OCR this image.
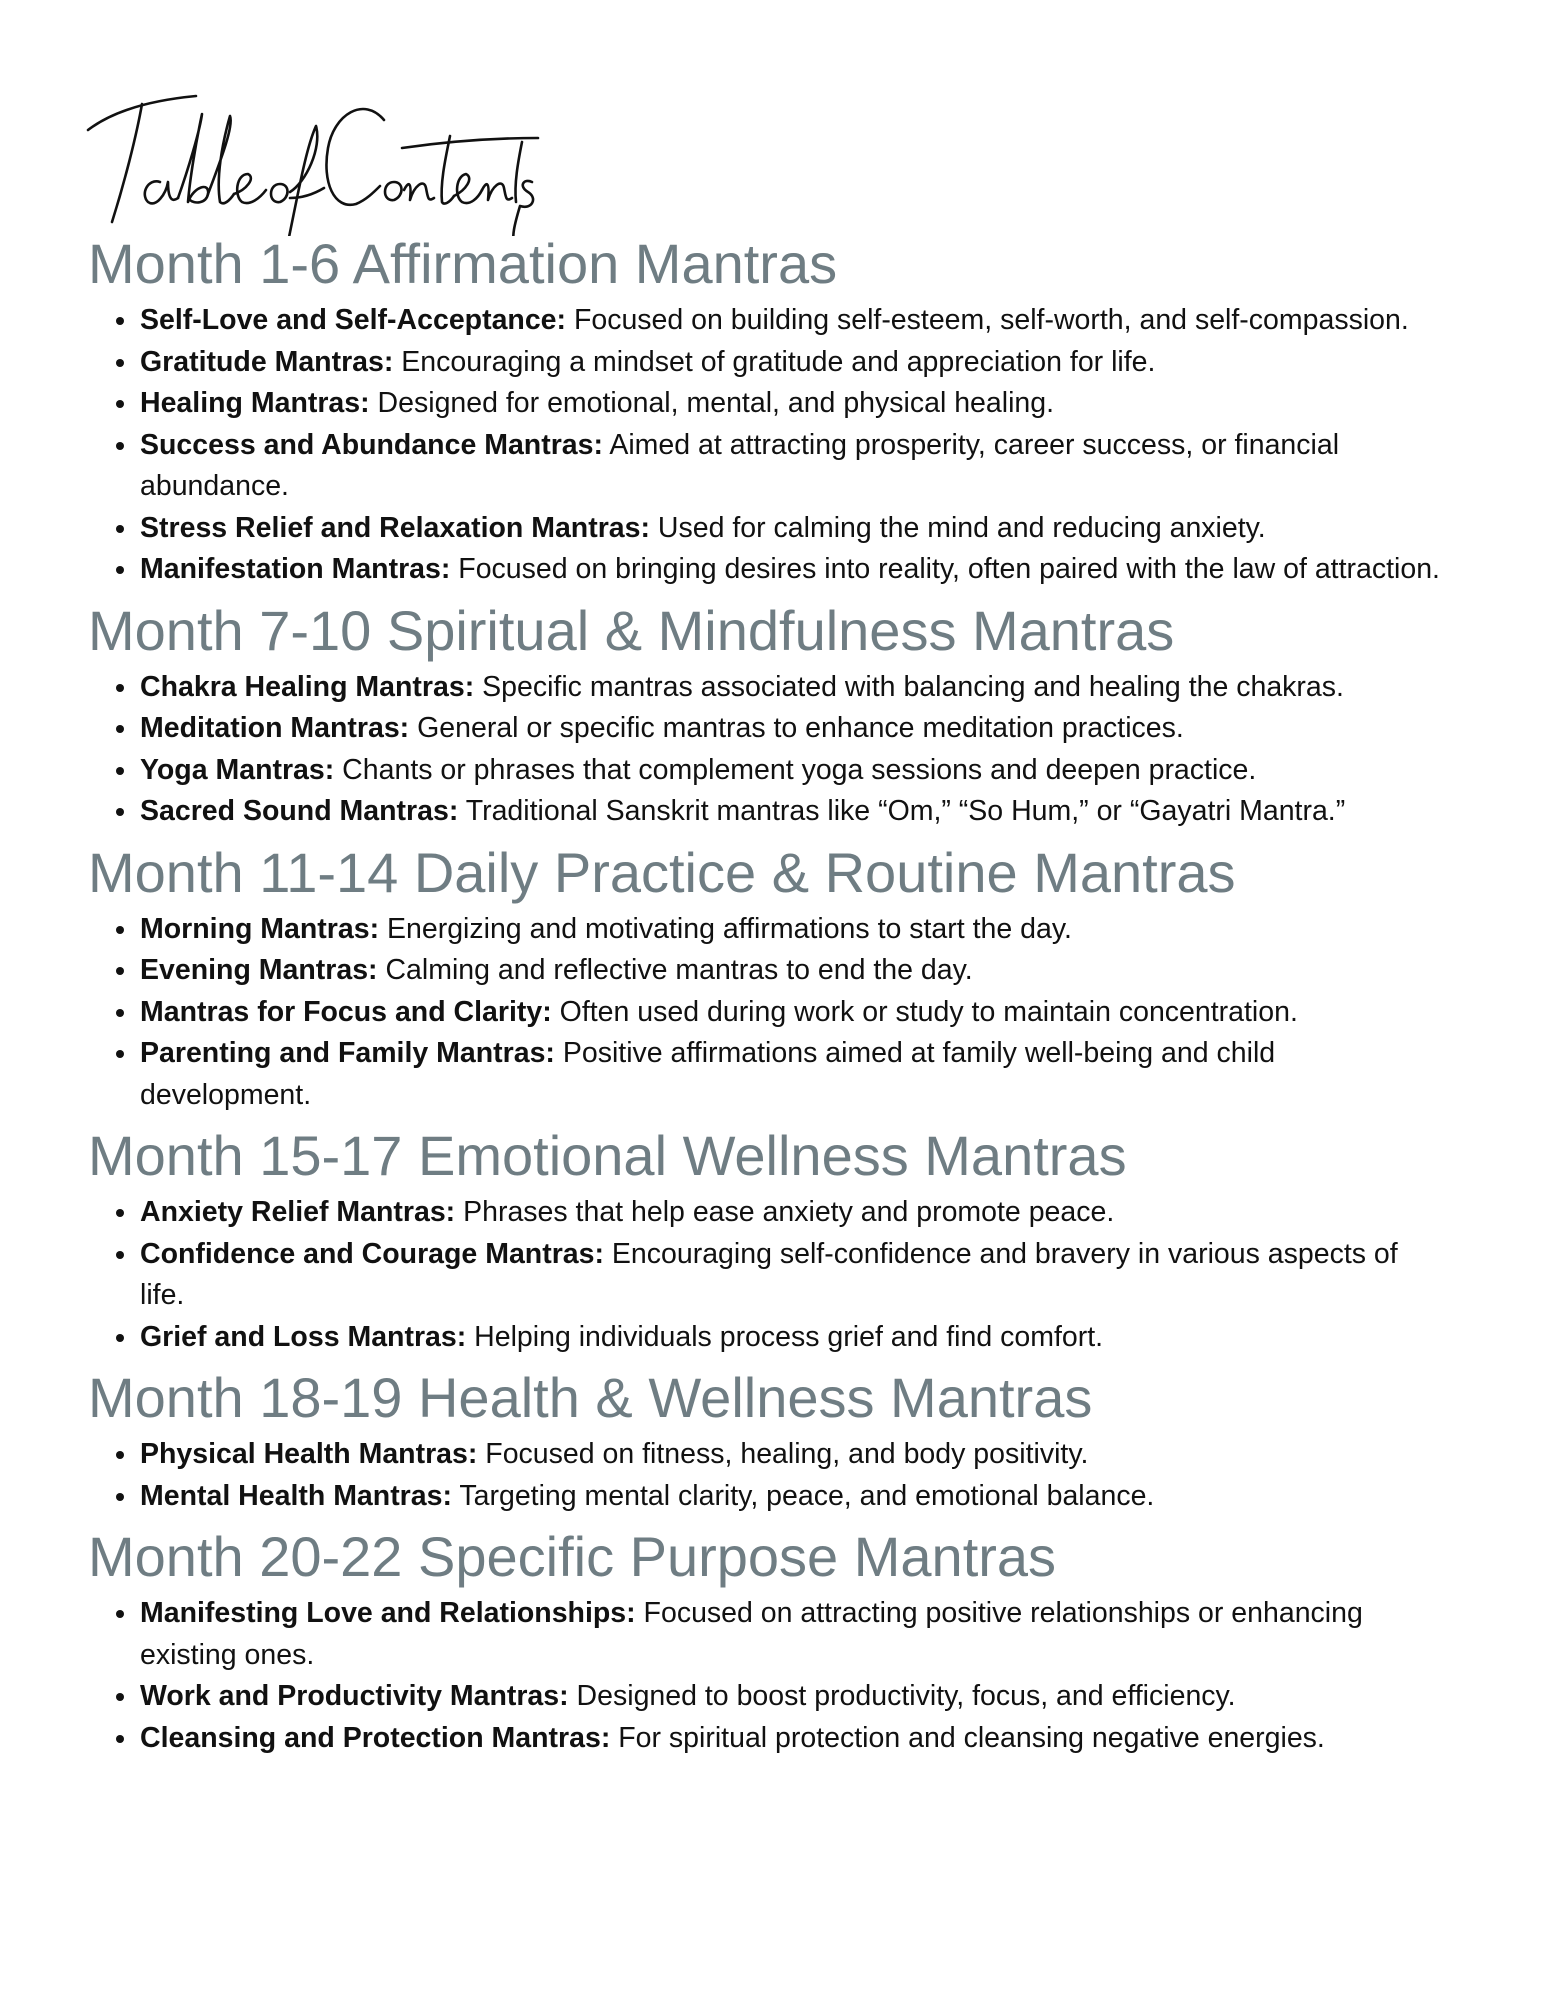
Month 1-6 Affirmation Mantras
Self-Love and Self-Acceptance: Focused on building self-esteem, self-worth, and self-compassion.
Gratitude Mantras: Encouraging a mindset of gratitude and appreciation for life.
Healing Mantras: Designed for emotional, mental, and physical healing.
Success and Abundance Mantras: Aimed at attracting prosperity, career success, or financial abundance.
Stress Relief and Relaxation Mantras: Used for calming the mind and reducing anxiety.
Manifestation Mantras: Focused on bringing desires into reality, often paired with the law of attraction.
Month 7-10 Spiritual & Mindfulness Mantras
Chakra Healing Mantras: Specific mantras associated with balancing and healing the chakras.
Meditation Mantras: General or specific mantras to enhance meditation practices.
Yoga Mantras: Chants or phrases that complement yoga sessions and deepen practice.
Sacred Sound Mantras: Traditional Sanskrit mantras like “Om,” “So Hum,” or “Gayatri Mantra.”
Month 11-14 Daily Practice & Routine Mantras
Morning Mantras: Energizing and motivating affirmations to start the day.
Evening Mantras: Calming and reflective mantras to end the day.
Mantras for Focus and Clarity: Often used during work or study to maintain concentration.
Parenting and Family Mantras: Positive affirmations aimed at family well-being and child development.
Month 15-17 Emotional Wellness Mantras
Anxiety Relief Mantras: Phrases that help ease anxiety and promote peace.
Confidence and Courage Mantras: Encouraging self-confidence and bravery in various aspects of life.
Grief and Loss Mantras: Helping individuals process grief and find comfort.
Month 18-19 Health & Wellness Mantras
Physical Health Mantras: Focused on fitness, healing, and body positivity.
Mental Health Mantras: Targeting mental clarity, peace, and emotional balance.
Month 20-22 Specific Purpose Mantras
Manifesting Love and Relationships: Focused on attracting positive relationships or enhancing existing ones.
Work and Productivity Mantras: Designed to boost productivity, focus, and efficiency.
Cleansing and Protection Mantras: For spiritual protection and cleansing negative energies.
